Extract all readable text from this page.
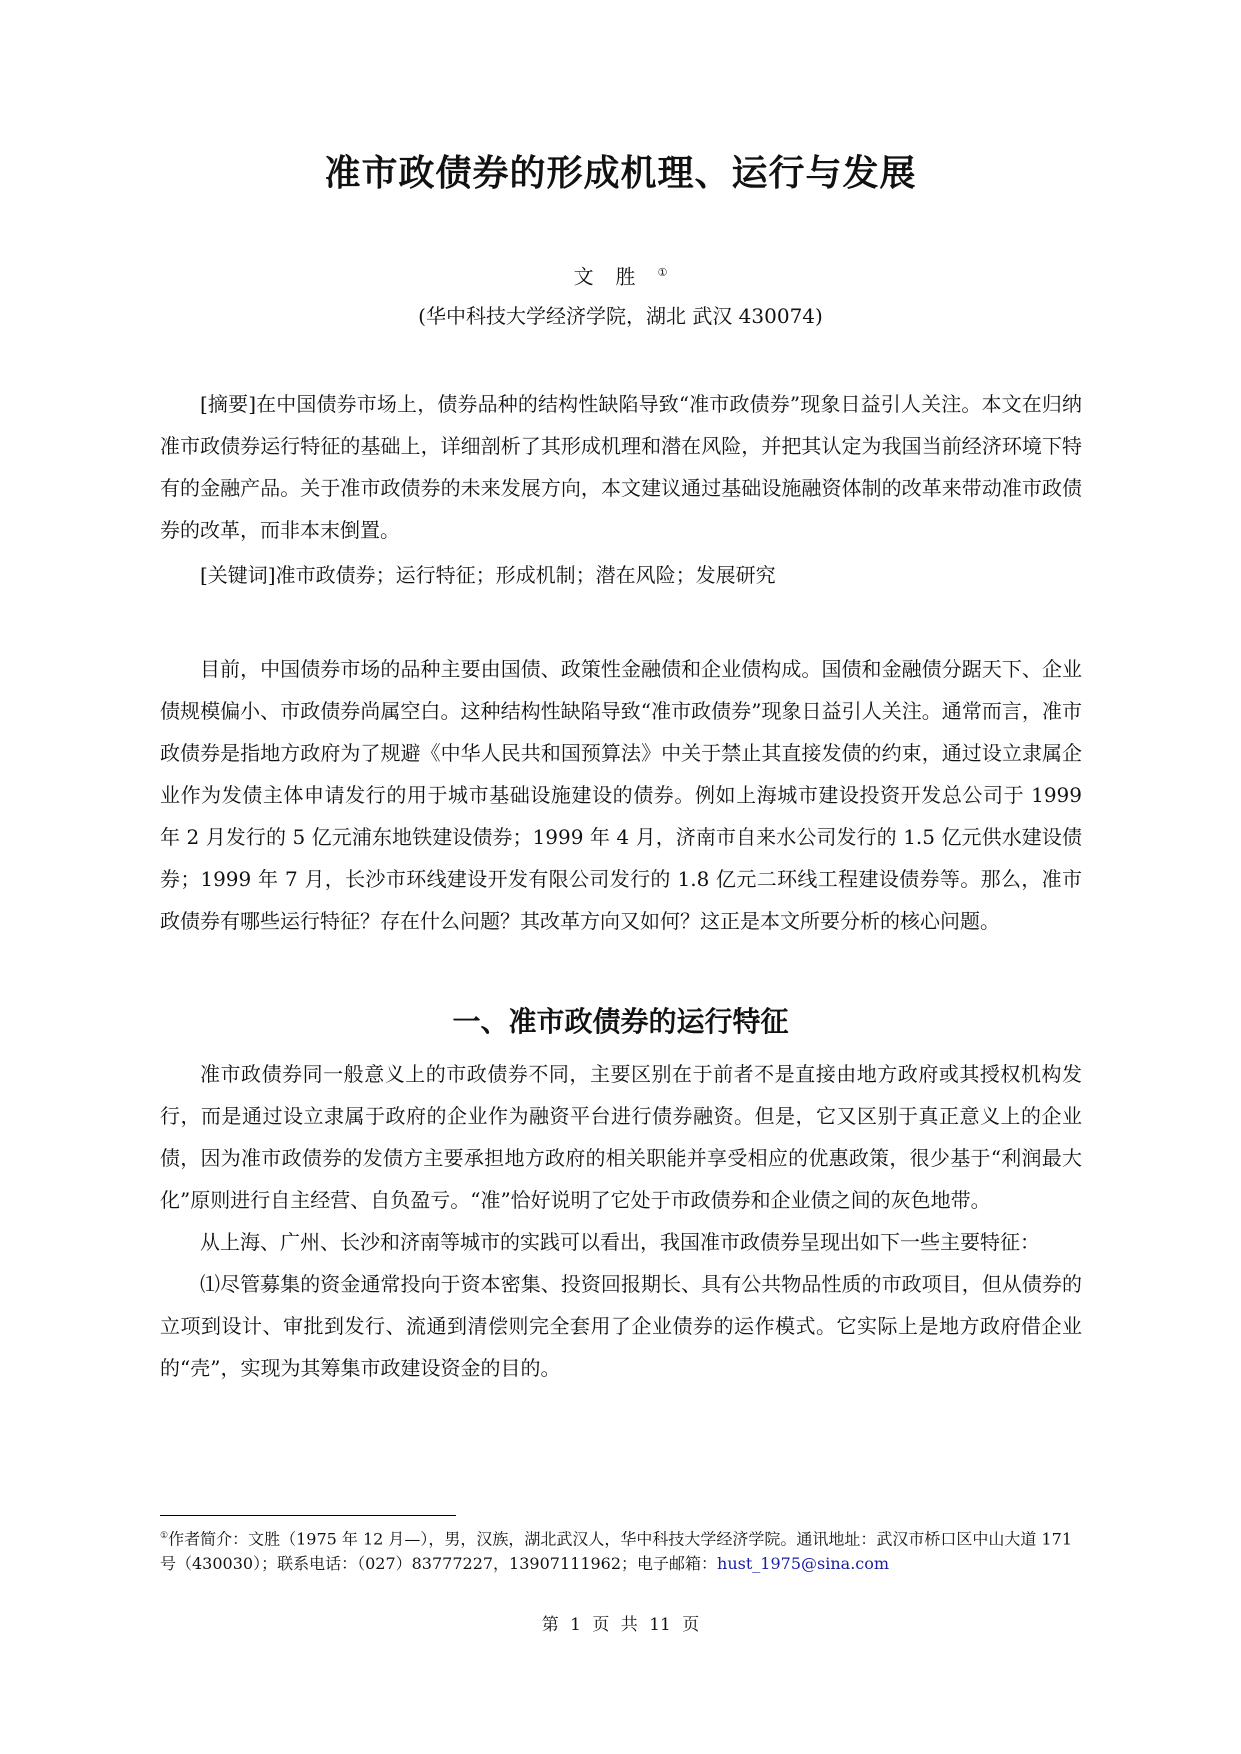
准市政债券的形成机理、运行与发展
文胜①
(华中科技大学经济学院，湖北 武汉 430074)

[摘要]在中国债券市场上，债券品种的结构性缺陷导致“准市政债券”现象日益引人关注。本文在归纳准市政债券运行特征的基础上，详细剖析了其形成机理和潜在风险，并把其认定为我国当前经济环境下特有的金融产品。关于准市政债券的未来发展方向，本文建议通过基础设施融资体制的改革来带动准市政债券的改革，而非本末倒置。

[关键词]准市政债券；运行特征；形成机制；潜在风险；发展研究

目前，中国债券市场的品种主要由国债、政策性金融债和企业债构成。国债和金融债分踞天下、企业债规模偏小、市政债券尚属空白。这种结构性缺陷导致“准市政债券”现象日益引人关注。通常而言，准市政债券是指地方政府为了规避《中华人民共和国预算法》中关于禁止其直接发债的约束，通过设立隶属企业作为发债主体申请发行的用于城市基础设施建设的债券。例如上海城市建设投资开发总公司于 1999 年 2 月发行的 5 亿元浦东地铁建设债券；1999 年 4 月，济南市自来水公司发行的 1.5 亿元供水建设债券；1999 年 7 月，长沙市环线建设开发有限公司发行的 1.8 亿元二环线工程建设债券等。那么，准市政债券有哪些运行特征？存在什么问题？其改革方向又如何？这正是本文所要分析的核心问题。

一、准市政债券的运行特征

准市政债券同一般意义上的市政债券不同，主要区别在于前者不是直接由地方政府或其授权机构发行，而是通过设立隶属于政府的企业作为融资平台进行债券融资。但是，它又区别于真正意义上的企业债，因为准市政债券的发债方主要承担地方政府的相关职能并享受相应的优惠政策，很少基于“利润最大化”原则进行自主经营、自负盈亏。“准”恰好说明了它处于市政债券和企业债之间的灰色地带。

从上海、广州、长沙和济南等城市的实践可以看出，我国准市政债券呈现出如下一些主要特征：

⑴尽管募集的资金通常投向于资本密集、投资回报期长、具有公共物品性质的市政项目，但从债券的立项到设计、审批到发行、流通到清偿则完全套用了企业债券的运作模式。它实际上是地方政府借企业的“壳”，实现为其筹集市政建设资金的目的。

①作者简介：文胜（1975 年 12 月—），男，汉族，湖北武汉人，华中科技大学经济学院。通讯地址：武汉市桥口区中山大道 171 号（430030）；联系电话：（027）83777227，13907111962；电子邮箱：hust_1975@sina.com
第 1 页 共 11 页
